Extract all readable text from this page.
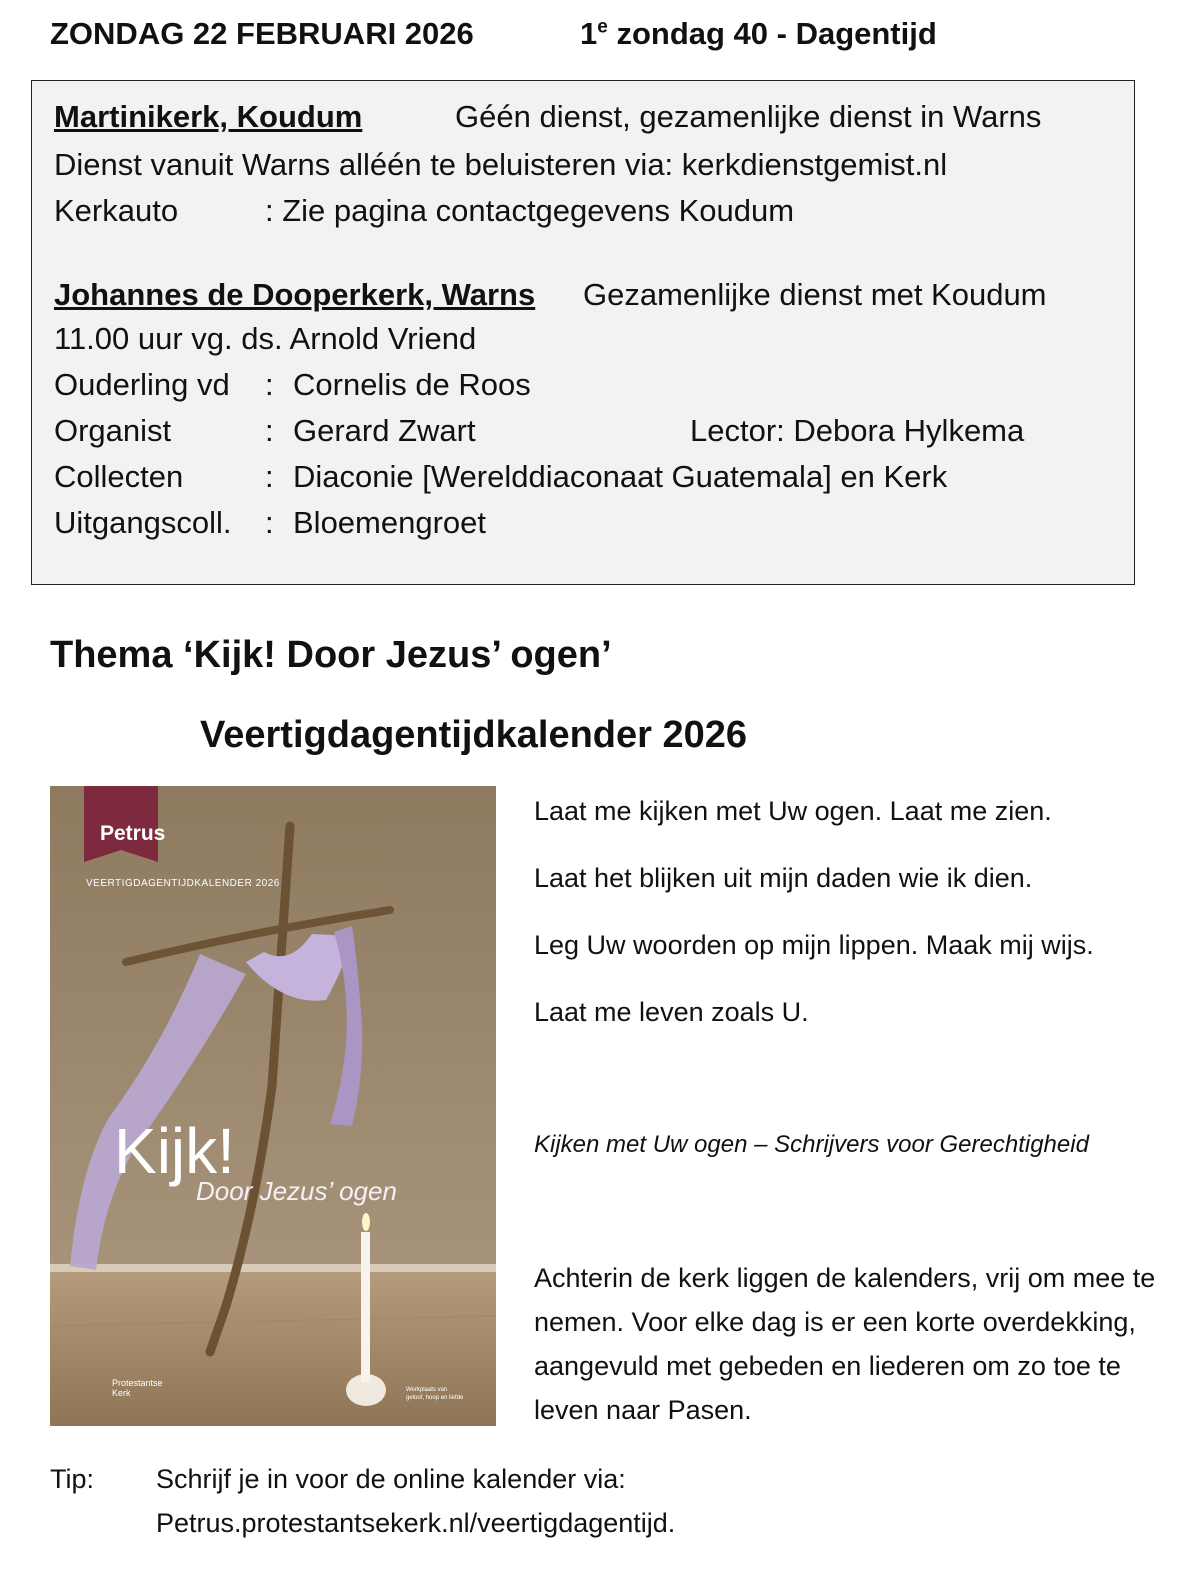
ZONDAG 22 FEBRUARI 2026	1e zondag 40 - Dagentijd
Martinikerk, Koudum	Géén dienst, gezamenlijke dienst in Warns
Dienst vanuit Warns alléén te beluisteren via: kerkdienstgemist.nl
Kerkauto	: Zie pagina contactgegevens Koudum
Johannes de Dooperkerk, Warns Gezamenlijke dienst met Koudum
11.00 uur vg. ds. Arnold Vriend
Ouderling vd : Cornelis de Roos
Organist	: Gerard Zwart	Lector: Debora Hylkema
Collecten	: Diaconie [Werelddiaconaat Guatemala] en Kerk
Uitgangscoll. : Bloemengroet
Thema ‘Kijk! Door Jezus’ ogen’
Veertigdagentijdkalender 2026
Petrus
VEERTIGDAGENTIJDKALENDER 2026
Kijk!
Door Jezus’ ogen
Protestantse
Kerk	Werkplaats van
geloof, hoop en liefde
Laat me kijken met Uw ogen. Laat me zien.
Laat het blijken uit mijn daden wie ik dien.
Leg Uw woorden op mijn lippen. Maak mij wijs.
Laat me leven zoals U.
Kijken met Uw ogen – Schrijvers voor Gerechtigheid
Achterin de kerk liggen de kalenders, vrij om mee te nemen. Voor elke dag is er een korte overdekking, aangevuld met gebeden en liederen om zo toe te leven naar Pasen.
Tip: Schrijf je in voor de online kalender via:
Petrus.protestantsekerk.nl/veertigdagentijd.
